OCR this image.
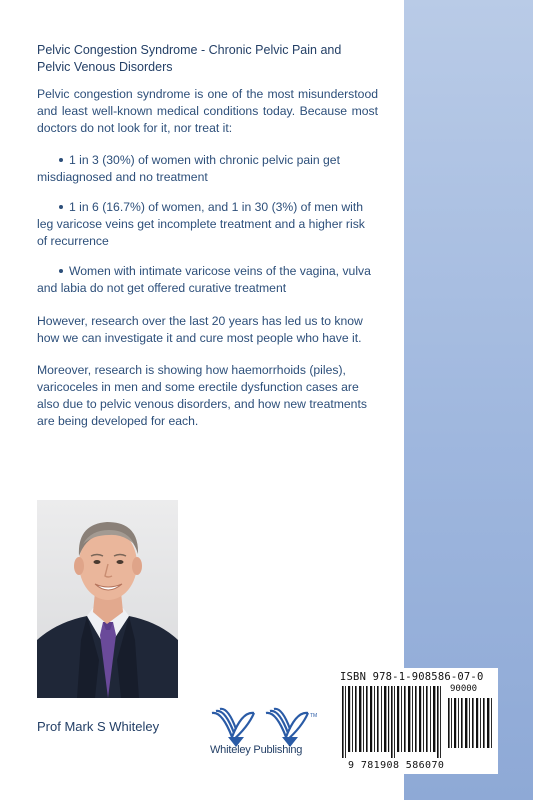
Pelvic Congestion Syndrome - Chronic Pelvic Pain and Pelvic Venous Disorders

Pelvic congestion syndrome is one of the most misunderstood and least well-known medical conditions today. Because most doctors do not look for it, nor treat it:

1 in 3 (30%) of women with chronic pelvic pain get misdiagnosed and no treatment
1 in 6 (16.7%) of women, and 1 in 30 (3%) of men with leg varicose veins get incomplete treatment and a higher risk of recurrence
Women with intimate varicose veins of the vagina, vulva and labia do not get offered curative treatment

However, research over the last 20 years has led us to know how we can investigate it and cure most people who have it.

Moreover, research is showing how haemorrhoids (piles), varicoceles in men and some erectile dysfunction cases are also due to pelvic venous disorders, and how new treatments are being developed for each.

Prof Mark S Whiteley
TM
Whiteley Publishing
ISBN 978-1-908586-07-0
90000
9 781908 586070
